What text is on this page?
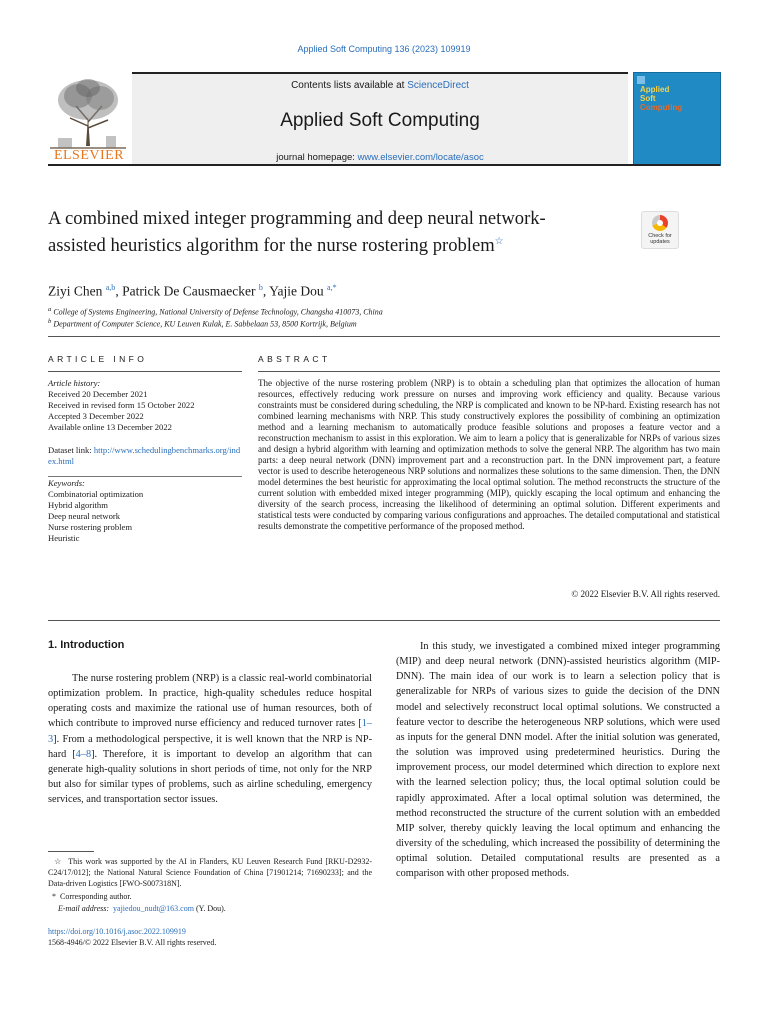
Applied Soft Computing 136 (2023) 109919
ELSEVIER
Contents lists available at ScienceDirect
Applied Soft Computing
journal homepage: www.elsevier.com/locate/asoc
Applied
Soft
Computing
A combined mixed integer programming and deep neural network-assisted heuristics algorithm for the nurse rostering problem☆	Check for updates
Ziyi Chen $^{a,b}$, Patrick De Causmaecker $^b$, Yajie Dou $^{a,*}$
$^a$ College of Systems Engineering, National University of Defense Technology, Changsha 410073, China
$^b$ Department of Computer Science, KU Leuven Kulak, E. Sabbelaan 53, 8500 Kortrijk, Belgium
ARTICLE INFO	ABSTRACT
Article history:
Received 20 December 2021
Received in revised form 15 October 2022
Accepted 3 December 2022
Available online 13 December 2022
Dataset link: http://www.schedulingbenchmarks.org/index.html
Keywords:
Combinatorial optimization
Hybrid algorithm
Deep neural network
Nurse rostering problem
Heuristic
The objective of the nurse rostering problem (NRP) is to obtain a scheduling plan that optimizes the allocation of human resources, effectively reducing work pressure on nurses and improving work efficiency and quality. Because various constraints must be considered during scheduling, the NRP is complicated and known to be NP-hard. Existing research has not combined learning mechanisms with NRP. This study constructively explores the possibility of combining an optimization method and a learning mechanism to automatically produce feasible solutions and proposes a feature vector and a reconstruction mechanism to assist in this exploration. We aim to learn a policy that is generalizable for NRPs of various sizes and design a hybrid algorithm with learning and optimization methods to solve the general NRP. The algorithm has two main parts: a deep neural network (DNN) improvement part and a reconstruction part. In the DNN improvement part, a feature vector is used to describe heterogeneous NRP solutions and normalizes these solutions to the same dimension. Then, the DNN model determines the best heuristic for approximating the local optimal solution. The method reconstructs the structure of the current solution with embedded mixed integer programming (MIP), quickly escaping the local optimum and enhancing the diversity of the search process, increasing the likelihood of determining an optimal solution. Different experiments and statistical tests were conducted by comparing various configurations and approaches. The detailed computational and statistical results demonstrate the competitive performance of the proposed method.
© 2022 Elsevier B.V. All rights reserved.
1. Introduction
The nurse rostering problem (NRP) is a classic real-world combinatorial optimization problem. In practice, high-quality schedules reduce hospital operating costs and maximize the rational use of human resources, both of which contribute to improved nurse efficiency and reduced turnover rates [1–3]. From a methodological perspective, it is well known that the NRP is NP-hard [4–8]. Therefore, it is important to develop an algorithm that can generate high-quality solutions in short periods of time, not only for the NRP but also for similar types of problems, such as airline scheduling, emergency services, and transportation sector issues.
In this study, we investigated a combined mixed integer programming (MIP) and deep neural network (DNN)-assisted heuristics algorithm (MIP-DNN). The main idea of our work is to learn a selection policy that is generalizable for NRPs of various sizes to guide the decision of the DNN model and selectively reconstruct local optimal solutions. We constructed a feature vector to describe the heterogeneous NRP solutions, which were used as inputs for the general DNN model. After the initial solution was generated, the solution was improved using predetermined heuristics. During the improvement process, our model determined which direction to explore next with the learned selection policy; thus, the local optimal solution could be rapidly approximated. After a local optimal solution was determined, the method reconstructed the structure of the current solution with an embedded MIP solver, thereby quickly leaving the local optimum and enhancing the diversity of the scheduling, which increased the possibility of determining the optimal solution. Detailed computational results are presented as a comparison with other proposed methods.
☆ This work was supported by the AI in Flanders, KU Leuven Research Fund [RKU-D2932-C24/17/012]; the National Natural Science Foundation of China [71901214; 71690233]; and the Data-driven Logistics [FWO-S007318N].
* Corresponding author.
E-mail address:  yajiedou_nudt@163.com (Y. Dou).
https://doi.org/10.1016/j.asoc.2022.109919
1568-4946/© 2022 Elsevier B.V. All rights reserved.
